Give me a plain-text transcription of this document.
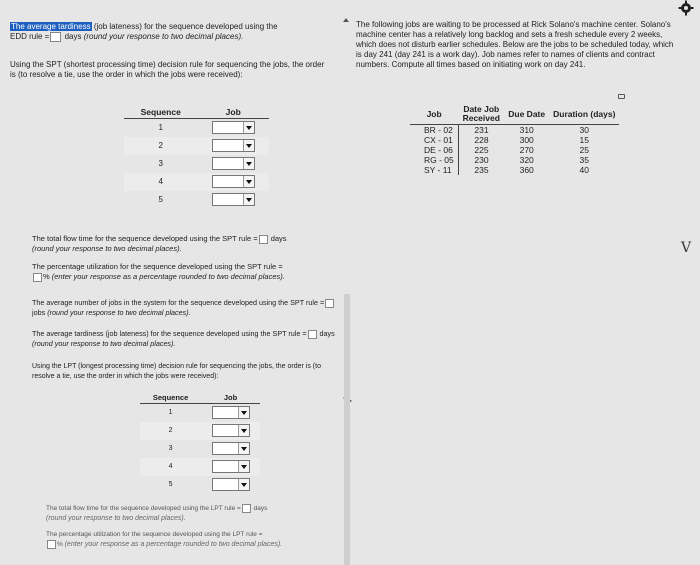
The average tardiness (job lateness) for the sequence developed using the
EDD rule = days (round your response to two decimal places).
Using the SPT (shortest processing time) decision rule for sequencing the jobs, the order is (to resolve a tie, use the order in which the jobs were received):
Sequence	Job
1	

2	

3	

4	

5	
The total flow time for the sequence developed using the SPT rule = days
(round your response to two decimal places).
The percentage utilization for the sequence developed using the SPT rule =
% (enter your response as a percentage rounded to two decimal places).
The average number of jobs in the system for the sequence developed using the SPT rule = jobs (round your response to two decimal places).
The average tardiness (job lateness) for the sequence developed using the SPT rule = days (round your response to two decimal places).
Using the LPT (longest processing time) decision rule for sequencing the jobs, the order is (to resolve a tie, use the order in which the jobs were received):
Sequence	Job
1	

2	

3	

4	

5	
The total flow time for the sequence developed using the LPT rule = days
(round your response to two decimal places).
The percentage utilization for the sequence developed using the LPT rule =
% (enter your response as a percentage rounded to two decimal places).
The following jobs are waiting to be processed at Rick Solano's machine center. Solano's machine center has a relatively long backlog and sets a fresh schedule every 2 weeks, which does not disturb earlier schedules. Below are the jobs to be scheduled today, which is day 241 (day 241 is a work day). Job names refer to names of clients and contract numbers. Compute all times based on initiating work on day 241.
Job	Date Job Received	Due Date	Duration (days)
BR - 02	231	310	30
CX - 01	228	300	15
DE - 06	225	270	25
RG - 05	230	320	35
SY - 11	235	360	40
V
